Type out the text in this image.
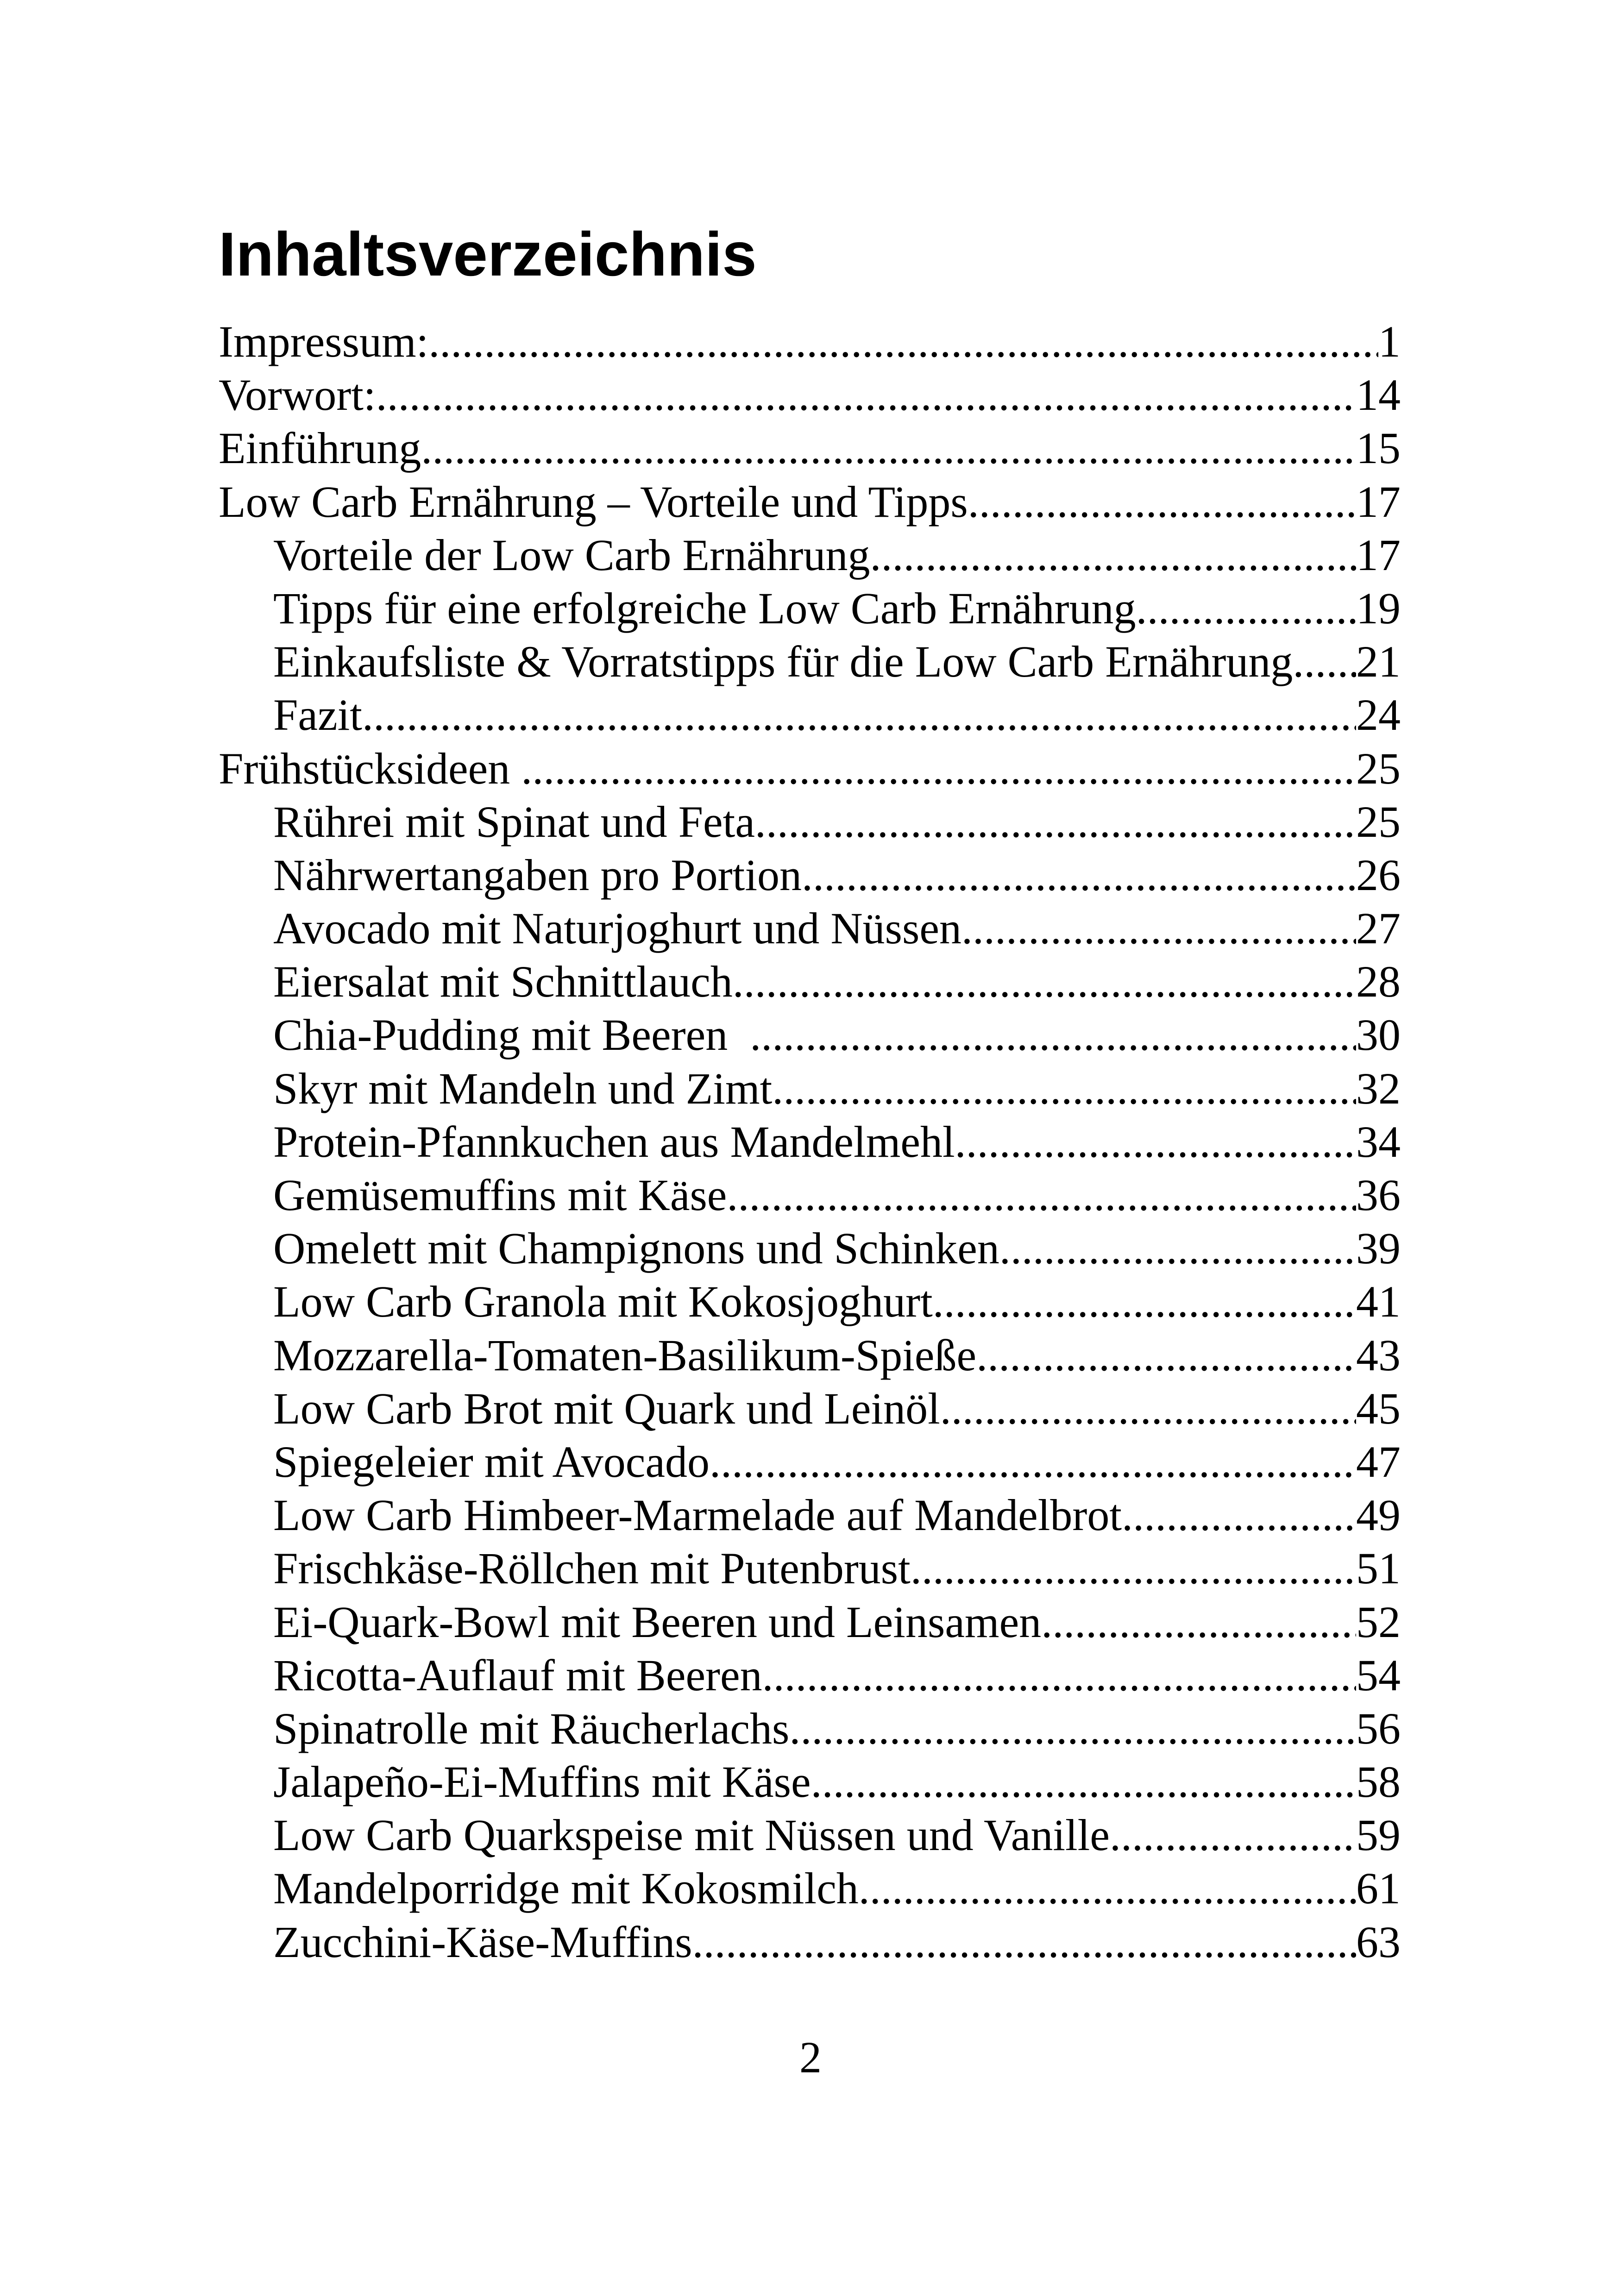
Inhaltsverzeichnis
Impressum: .....	1
Vorwort: .....	14
Einführung .....	15
Low Carb Ernährung – Vorteile und Tipps .....	17
Vorteile der Low Carb Ernährung .....	17
Tipps für eine erfolgreiche Low Carb Ernährung .....	19
Einkaufsliste & Vorratstipps für die Low Carb Ernährung ..... 21
Fazit .....	24
Frühstücksideen .....	25
Rührei mit Spinat und Feta .....	25
Nährwertangaben pro Portion .....	26
Avocado mit Naturjoghurt und Nüssen .....	27
Eiersalat mit Schnittlauch .....	28
Chia-Pudding mit Beeren .....	30
Skyr mit Mandeln und Zimt .....	32
Protein-Pfannkuchen aus Mandelmehl .....	34
Gemüsemuffins mit Käse .....	36
Omelett mit Champignons und Schinken .....	39
Low Carb Granola mit Kokosjoghurt .....	41
Mozzarella-Tomaten-Basilikum-Spieße .....	43
Low Carb Brot mit Quark und Leinöl .....	45
Spiegeleier mit Avocado .....	47
Low Carb Himbeer-Marmelade auf Mandelbrot .....	49
Frischkäse-Röllchen mit Putenbrust .....	51
Ei-Quark-Bowl mit Beeren und Leinsamen .....	52
Ricotta-Auflauf mit Beeren .....	54
Spinatrolle mit Räucherlachs .....	56
Jalapeño-Ei-Muffins mit Käse .....	58
Low Carb Quarkspeise mit Nüssen und Vanille .....	59
Mandelporridge mit Kokosmilch .....	61
Zucchini-Käse-Muffins .....	63
2
